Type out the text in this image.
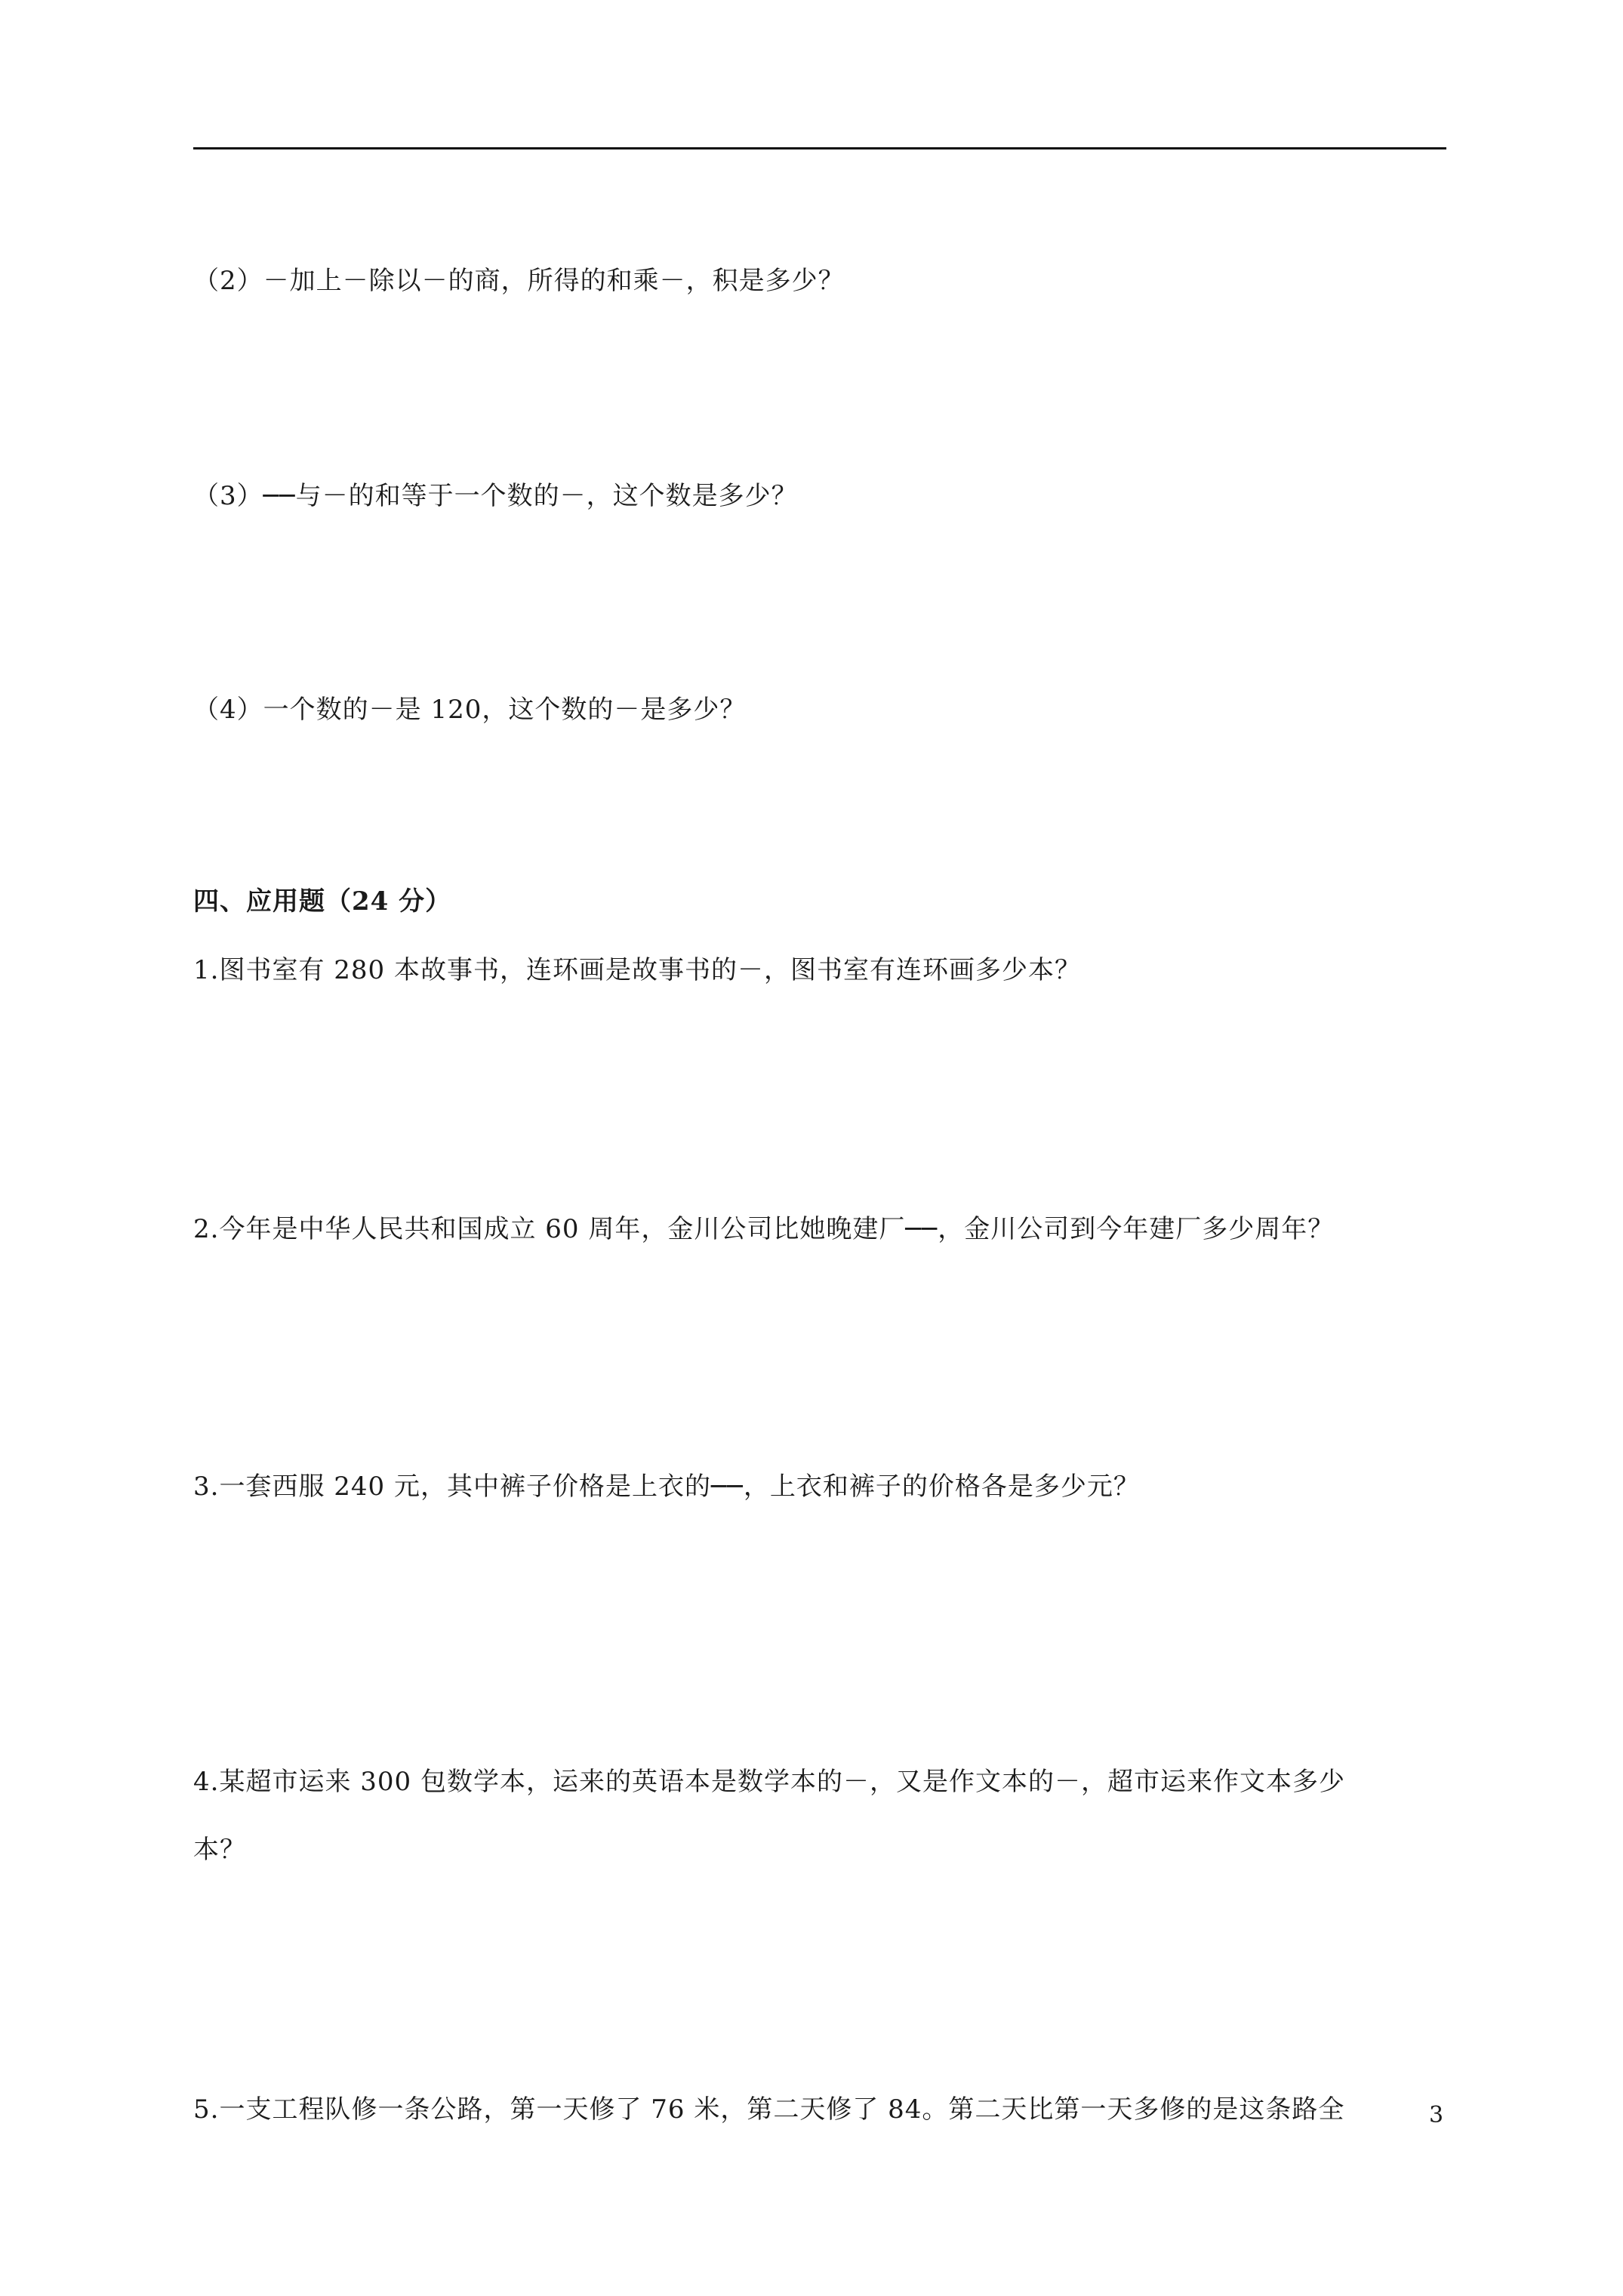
（2）－加上－除以－的商，所得的和乘－，积是多少？
（3）──与－的和等于一个数的－，这个数是多少？
（4）一个数的－是 120，这个数的－是多少？
四、应用题（24 分）
1.图书室有 280 本故事书，连环画是故事书的－，图书室有连环画多少本？
2.今年是中华人民共和国成立 60 周年，金川公司比她晚建厂──，金川公司到今年建厂多少周年？
3.一套西服 240 元，其中裤子价格是上衣的──，上衣和裤子的价格各是多少元？
4.某超市运来 300 包数学本，运来的英语本是数学本的－，又是作文本的－，超市运来作文本多少
本？
5.一支工程队修一条公路，第一天修了 76 米，第二天修了 84。第二天比第一天多修的是这条路全	3
